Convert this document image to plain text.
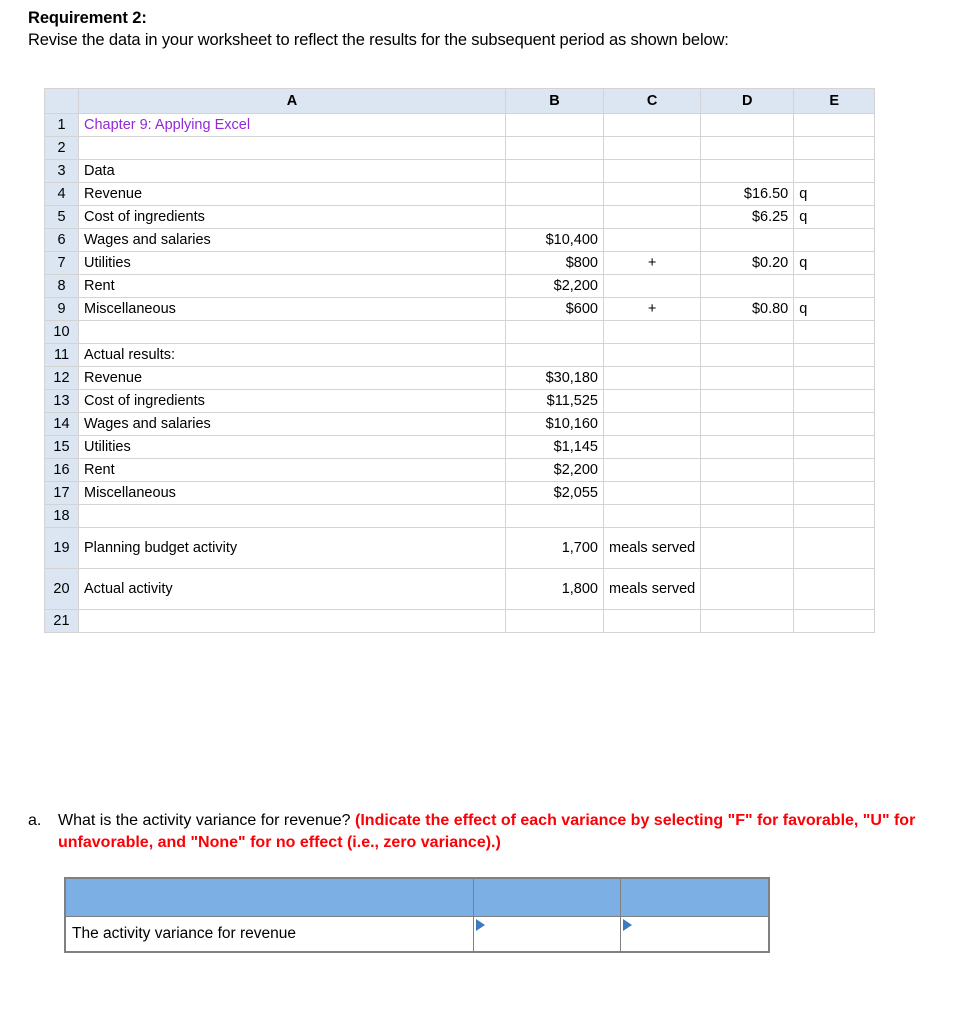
Requirement 2:
Revise the data in your worksheet to reflect the results for the subsequent period as shown below:
	A	B	C	D	E
1	Chapter 9: Applying Excel				
2					
3	Data				
4	Revenue			$16.50	q
5	Cost of ingredients			$6.25	q
6	Wages and salaries	$10,400			
7	Utilities	$800	+	$0.20	q
8	Rent	$2,200			
9	Miscellaneous	$600	+	$0.80	q
10					
11	Actual results:				
12	Revenue	$30,180			
13	Cost of ingredients	$11,525			
14	Wages and salaries	$10,160			
15	Utilities	$1,145			
16	Rent	$2,200			
17	Miscellaneous	$2,055			
18					
19	Planning budget activity	1,700	meals served		
20	Actual activity	1,800	meals served		
21					
a.	What is the activity variance for revenue? (Indicate the effect of each variance by selecting "F" for favorable, "U" for unfavorable, and "None" for no effect (i.e., zero variance).)

The activity variance for revenue	
